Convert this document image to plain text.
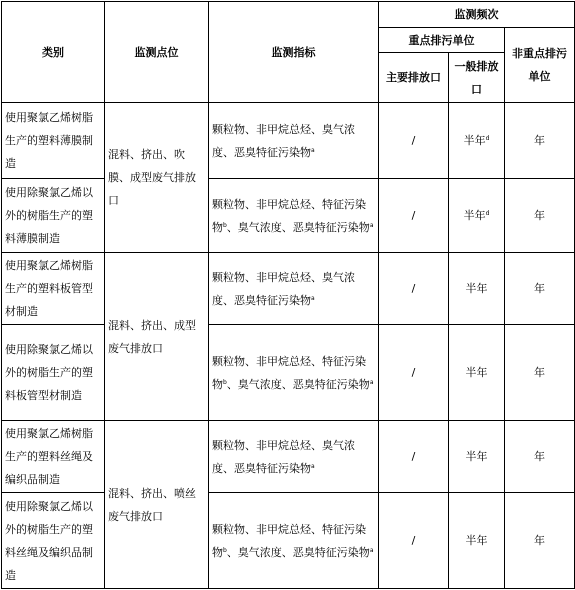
类别	监测点位	监测指标	监测频次		
			重点排污单位		非重点排污单位
			主要排放口	一般排放口	
使用聚氯乙烯树脂生产的塑料薄膜制造	混料、挤出、吹膜、成型废气排放口	颗粒物、非甲烷总烃、臭气浓度、恶臭特征污染物$^a$	/	半年$^d$	年
使用除聚氯乙烯以外的树脂生产的塑料薄膜制造		颗粒物、非甲烷总烃、特征污染物$^b$、臭气浓度、恶臭特征污染物$^a$	/	半年$^d$	年
使用聚氯乙烯树脂生产的塑料板管型材制造	混料、挤出、成型废气排放口	颗粒物、非甲烷总烃、臭气浓度、恶臭特征污染物$^a$	/	半年	年
使用除聚氯乙烯以外的树脂生产的塑料板管型材制造		颗粒物、非甲烷总烃、特征污染物$^b$、臭气浓度、恶臭特征污染物$^a$	/	半年	年
使用聚氯乙烯树脂生产的塑料丝绳及编织品制造	混料、挤出、喷丝废气排放口	颗粒物、非甲烷总烃、臭气浓度、恶臭特征污染物$^a$	/	半年	年
使用除聚氯乙烯以外的树脂生产的塑料丝绳及编织品制造		颗粒物、非甲烷总烃、特征污染物$^b$、臭气浓度、恶臭特征污染物$^a$	/	半年	年
